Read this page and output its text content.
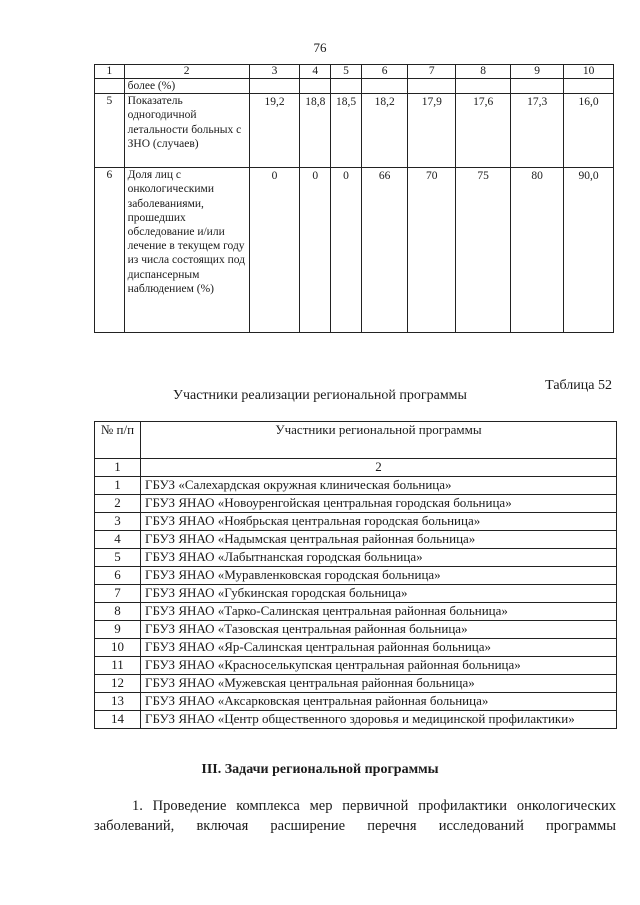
76
1	2	3	4	5	6	7	8	9	10
	более (%)								
5	Показатель одногодичной летальности больных с ЗНО (случаев)	19,2	18,8	18,5	18,2	17,9	17,6	17,3	16,0
6	Доля лиц с онкологическими заболеваниями, прошедших обследование и/или лечение в текущем году из числа состоящих под диспансерным наблюдением (%)	0	0	0	66	70	75	80	90,0
Таблица 52
Участники реализации региональной программы
№ п/п	Участники региональной программы
1	2
1	ГБУЗ «Салехардская окружная клиническая больница»
2	ГБУЗ ЯНАО «Новоуренгойская центральная городская больница»
3	ГБУЗ ЯНАО «Ноябрьская центральная городская больница»
4	ГБУЗ ЯНАО «Надымская центральная районная больница»
5	ГБУЗ ЯНАО «Лабытнанская городская больница»
6	ГБУЗ ЯНАО «Муравленковская городская больница»
7	ГБУЗ ЯНАО «Губкинская городская больница»
8	ГБУЗ ЯНАО «Тарко-Салинская центральная районная больница»
9	ГБУЗ ЯНАО «Тазовская центральная районная больница»
10	ГБУЗ ЯНАО «Яр-Салинская центральная районная больница»
11	ГБУЗ ЯНАО «Красноселькупская центральная районная больница»
12	ГБУЗ ЯНАО «Мужевская центральная районная больница»
13	ГБУЗ ЯНАО «Аксарковская центральная районная больница»
14	ГБУЗ ЯНАО «Центр общественного здоровья и медицинской профилактики»
III. Задачи региональной программы
1. Проведение комплекса мер первичной профилактики онкологических
заболеваний, включая расширение перечня исследований программы
